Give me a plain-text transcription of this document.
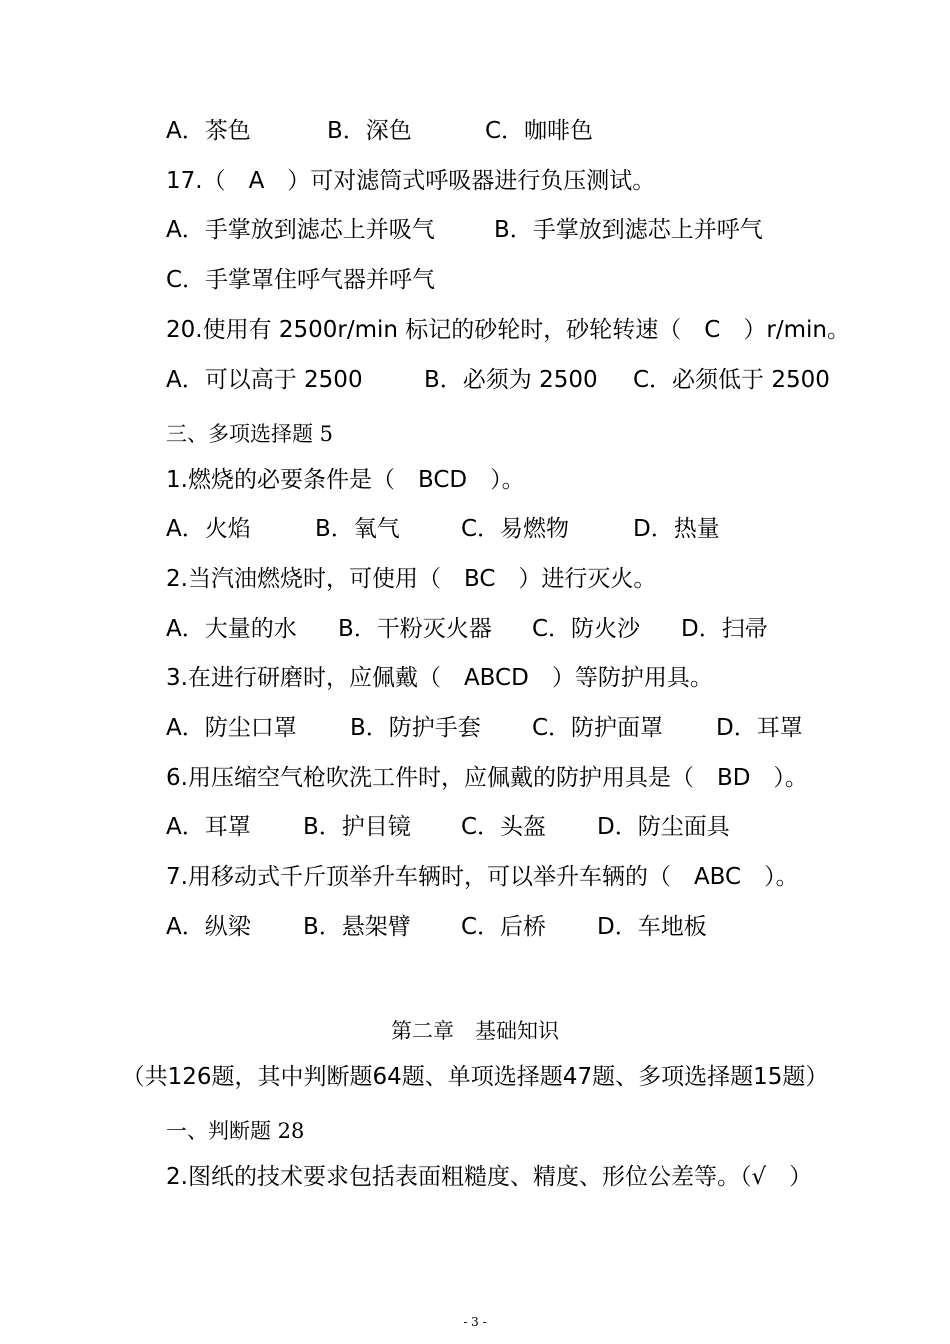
A．茶色	B．深色	C．咖啡色
17.（　A　）可对滤筒式呼吸器进行负压测试。
A．手掌放到滤芯上并吸气	B．手掌放到滤芯上并呼气
C．手掌罩住呼气器并呼气
20.使用有 2500r/min 标记的砂轮时，砂轮转速（　C　）r/min。
A．可以高于 2500	B．必须为 2500 C．必须低于 2500
三、多项选择题 5
1.燃烧的必要条件是（　BCD　）。
A．火焰	B．氧气	C．易燃物	D．热量
2.当汽油燃烧时，可使用（　BC　）进行灭火。
A．大量的水 B．干粉灭火器 C．防火沙 D．扫帚
3.在进行研磨时，应佩戴（　ABCD　）等防护用具。
A．防尘口罩 B．防护手套 C．防护面罩 D．耳罩
6.用压缩空气枪吹洗工件时，应佩戴的防护用具是（　BD　）。
A．耳罩 B．护目镜 C．头盔 D．防尘面具
7.用移动式千斤顶举升车辆时，可以举升车辆的（　ABC　）。
A．纵梁 B．悬架臂 C．后桥 D．车地板
第二章　基础知识
（共126题，其中判断题64题、单项选择题47题、多项选择题15题）
一、判断题 28
2.图纸的技术要求包括表面粗糙度、精度、形位公差等。（√　）
- 3 -
